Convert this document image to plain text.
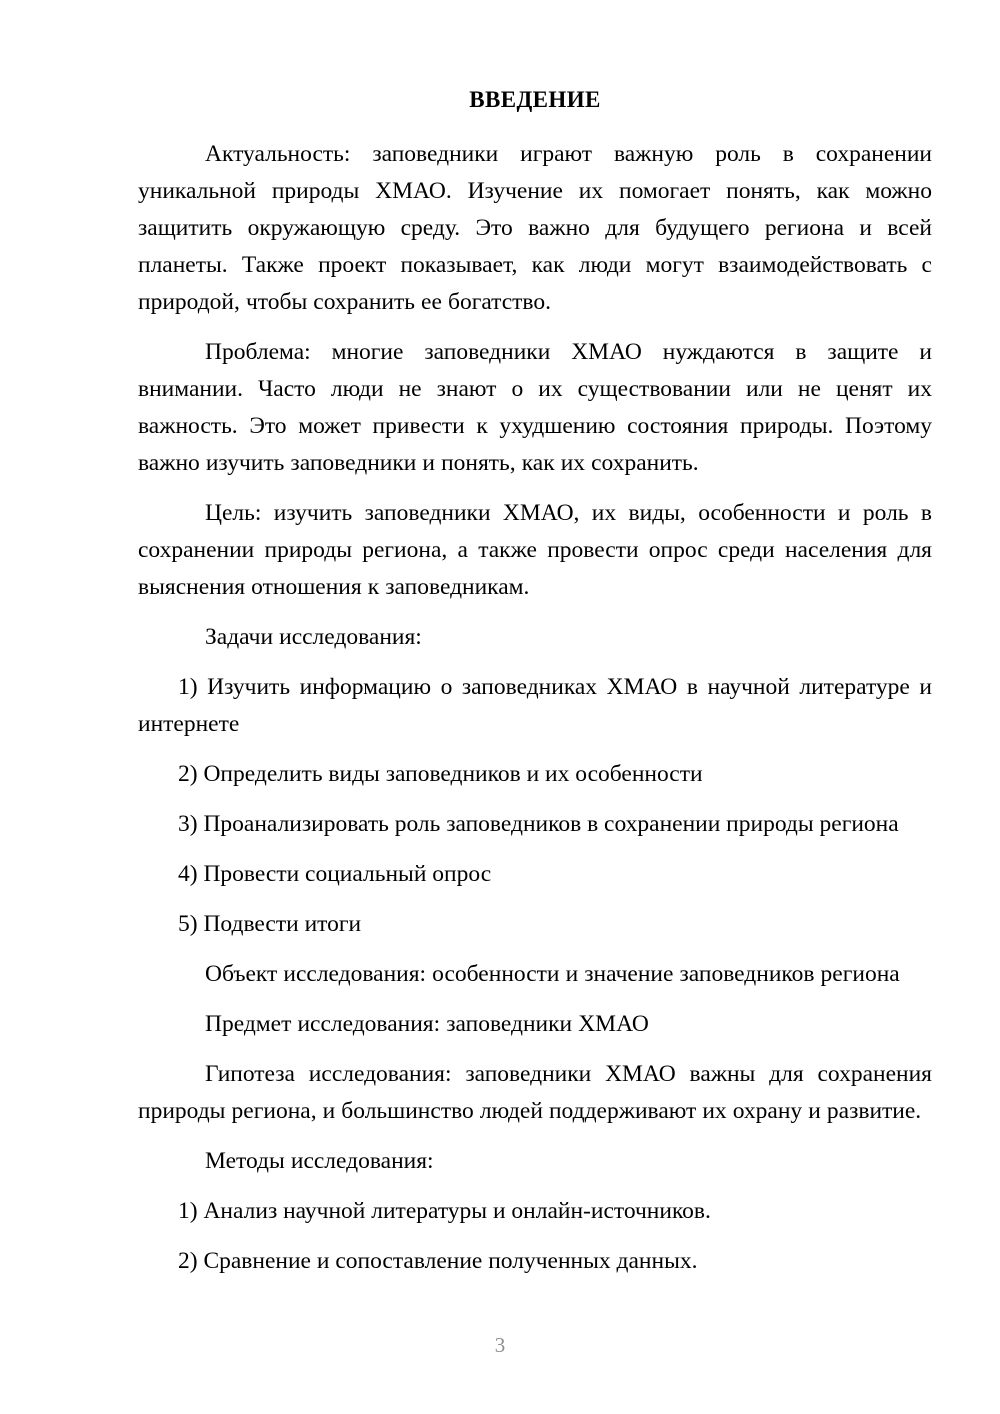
ВВЕДЕНИЕ

Актуальность: заповедники играют важную роль в сохранении уникальной природы ХМАО. Изучение их помогает понять, как можно защитить окружающую среду. Это важно для будущего региона и всей планеты. Также проект показывает, как люди могут взаимодействовать с природой, чтобы сохранить ее богатство.

Проблема: многие заповедники ХМАО нуждаются в защите и внимании. Часто люди не знают о их существовании или не ценят их важность. Это может привести к ухудшению состояния природы. Поэтому важно изучить заповедники и понять, как их сохранить.

Цель: изучить заповедники ХМАО, их виды, особенности и роль в сохранении природы региона, а также провести опрос среди населения для выяснения отношения к заповедникам.

Задачи исследования:

1) Изучить информацию о заповедниках ХМАО в научной литературе и интернете

2) Определить виды заповедников и их особенности

3) Проанализировать роль заповедников в сохранении природы региона

4) Провести социальный опрос

5) Подвести итоги

Объект исследования: особенности и значение заповедников региона

Предмет исследования: заповедники ХМАО

Гипотеза исследования: заповедники ХМАО важны для сохранения природы региона, и большинство людей поддерживают их охрану и развитие.

Методы исследования:

1) Анализ научной литературы и онлайн-источников.

2) Сравнение и сопоставление полученных данных.

3
